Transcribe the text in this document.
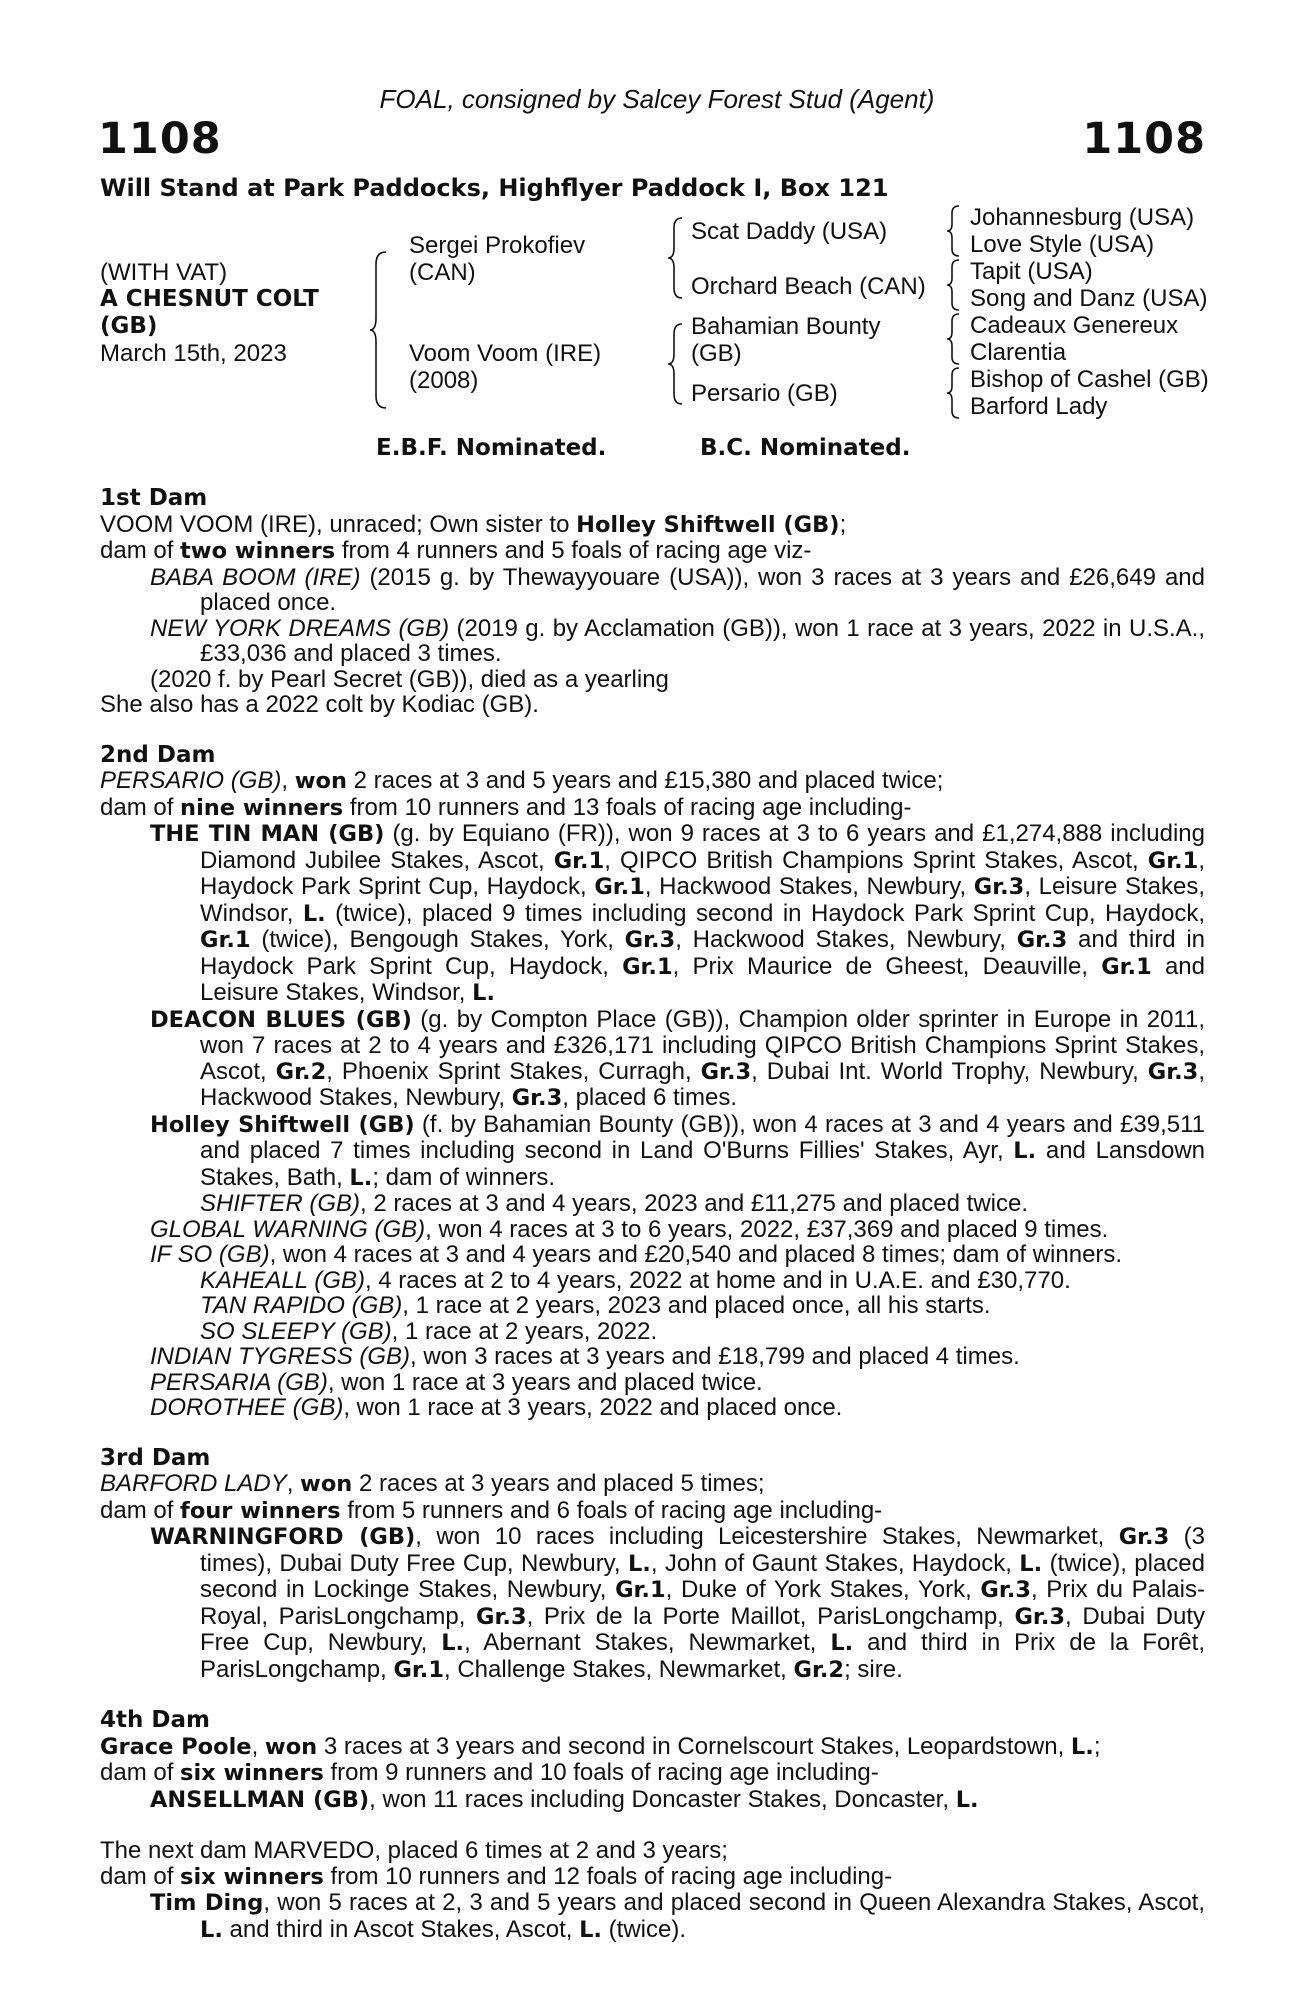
FOAL, consigned by Salcey Forest Stud (Agent)
1108	1108
Will Stand at Park Paddocks, Highflyer Paddock I, Box 121
(WITH VAT)
A CHESNUT COLT
(GB)
March 15th, 2023
Sergei Prokofiev
(CAN)
Voom Voom (IRE)
(2008)
Scat Daddy (USA)
Orchard Beach (CAN)
Bahamian Bounty
(GB)
Persario (GB)
Johannesburg (USA)
Love Style (USA)
Tapit (USA)
Song and Danz (USA)
Cadeaux Genereux
Clarentia
Bishop of Cashel (GB)
Barford Lady
E.B.F. Nominated.	B.C. Nominated.

1st Dam

VOOM VOOM (IRE), unraced; Own sister to Holley Shiftwell (GB);

dam of two winners from 4 runners and 5 foals of racing age viz-

BABA BOOM (IRE) (2015 g. by Thewayyouare (USA)), won 3 races at 3 years and £26,649 and placed once.

NEW YORK DREAMS (GB) (2019 g. by Acclamation (GB)), won 1 race at 3 years, 2022 in U.S.A., £33,036 and placed 3 times.

(2020 f. by Pearl Secret (GB)), died as a yearling

She also has a 2022 colt by Kodiac (GB).

2nd Dam

PERSARIO (GB), won 2 races at 3 and 5 years and £15,380 and placed twice;

dam of nine winners from 10 runners and 13 foals of racing age including-

THE TIN MAN (GB) (g. by Equiano (FR)), won 9 races at 3 to 6 years and £1,274,888 including Diamond Jubilee Stakes, Ascot, Gr.1, QIPCO British Champions Sprint Stakes, Ascot, Gr.1, Haydock Park Sprint Cup, Haydock, Gr.1, Hackwood Stakes, Newbury, Gr.3, Leisure Stakes, Windsor, L. (twice), placed 9 times including second in Haydock Park Sprint Cup, Haydock, Gr.1 (twice), Bengough Stakes, York, Gr.3, Hackwood Stakes, Newbury, Gr.3 and third in Haydock Park Sprint Cup, Haydock, Gr.1, Prix Maurice de Gheest, Deauville, Gr.1 and Leisure Stakes, Windsor, L.

DEACON BLUES (GB) (g. by Compton Place (GB)), Champion older sprinter in Europe in 2011, won 7 races at 2 to 4 years and £326,171 including QIPCO British Champions Sprint Stakes, Ascot, Gr.2, Phoenix Sprint Stakes, Curragh, Gr.3, Dubai Int. World Trophy, Newbury, Gr.3, Hackwood Stakes, Newbury, Gr.3, placed 6 times.

Holley Shiftwell (GB) (f. by Bahamian Bounty (GB)), won 4 races at 3 and 4 years and £39,511 and placed 7 times including second in Land O'Burns Fillies' Stakes, Ayr, L. and Lansdown Stakes, Bath, L.; dam of winners.

SHIFTER (GB), 2 races at 3 and 4 years, 2023 and £11,275 and placed twice.

GLOBAL WARNING (GB), won 4 races at 3 to 6 years, 2022, £37,369 and placed 9 times.

IF SO (GB), won 4 races at 3 and 4 years and £20,540 and placed 8 times; dam of winners.

KAHEALL (GB), 4 races at 2 to 4 years, 2022 at home and in U.A.E. and £30,770.

TAN RAPIDO (GB), 1 race at 2 years, 2023 and placed once, all his starts.

SO SLEEPY (GB), 1 race at 2 years, 2022.

INDIAN TYGRESS (GB), won 3 races at 3 years and £18,799 and placed 4 times.

PERSARIA (GB), won 1 race at 3 years and placed twice.

DOROTHEE (GB), won 1 race at 3 years, 2022 and placed once.

3rd Dam

BARFORD LADY, won 2 races at 3 years and placed 5 times;

dam of four winners from 5 runners and 6 foals of racing age including-

WARNINGFORD (GB), won 10 races including Leicestershire Stakes, Newmarket, Gr.3 (3 times), Dubai Duty Free Cup, Newbury, L., John of Gaunt Stakes, Haydock, L. (twice), placed second in Lockinge Stakes, Newbury, Gr.1, Duke of York Stakes, York, Gr.3, Prix du Palais-Royal, ParisLongchamp, Gr.3, Prix de la Porte Maillot, ParisLongchamp, Gr.3, Dubai Duty Free Cup, Newbury, L., Abernant Stakes, Newmarket, L. and third in Prix de la Forêt, ParisLongchamp, Gr.1, Challenge Stakes, Newmarket, Gr.2; sire.

4th Dam

Grace Poole, won 3 races at 3 years and second in Cornelscourt Stakes, Leopardstown, L.;

dam of six winners from 9 runners and 10 foals of racing age including-

ANSELLMAN (GB), won 11 races including Doncaster Stakes, Doncaster, L.

The next dam MARVEDO, placed 6 times at 2 and 3 years;

dam of six winners from 10 runners and 12 foals of racing age including-

Tim Ding, won 5 races at 2, 3 and 5 years and placed second in Queen Alexandra Stakes, Ascot, L. and third in Ascot Stakes, Ascot, L. (twice).
